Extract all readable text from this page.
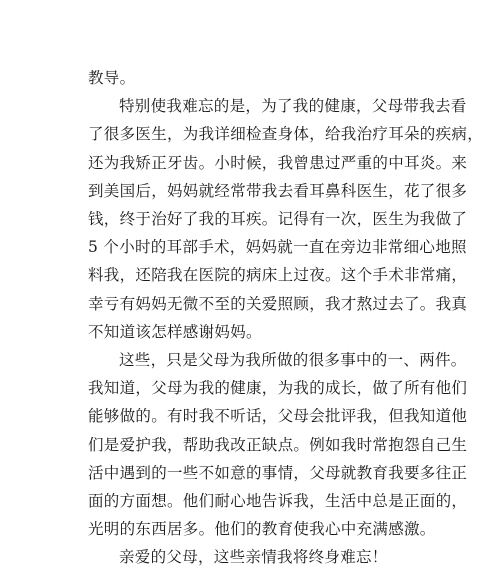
教导。
特别使我难忘的是，为了我的健康，父母带我去看
了很多医生，为我详细检查身体，给我治疗耳朵的疾病，
还为我矫正牙齿。小时候，我曾患过严重的中耳炎。来
到美国后，妈妈就经常带我去看耳鼻科医生，花了很多
钱，终于治好了我的耳疾。记得有一次，医生为我做了
5 个小时的耳部手术，妈妈就一直在旁边非常细心地照
料我，还陪我在医院的病床上过夜。这个手术非常痛，
幸亏有妈妈无微不至的关爱照顾，我才熬过去了。我真
不知道该怎样感谢妈妈。
这些，只是父母为我所做的很多事中的一、两件。
我知道，父母为我的健康，为我的成长，做了所有他们
能够做的。有时我不听话，父母会批评我，但我知道他
们是爱护我，帮助我改正缺点。例如我时常抱怨自己生
活中遇到的一些不如意的事情，父母就教育我要多往正
面的方面想。他们耐心地告诉我，生活中总是正面的，
光明的东西居多。他们的教育使我心中充满感激。
亲爱的父母，这些亲情我将终身难忘！
